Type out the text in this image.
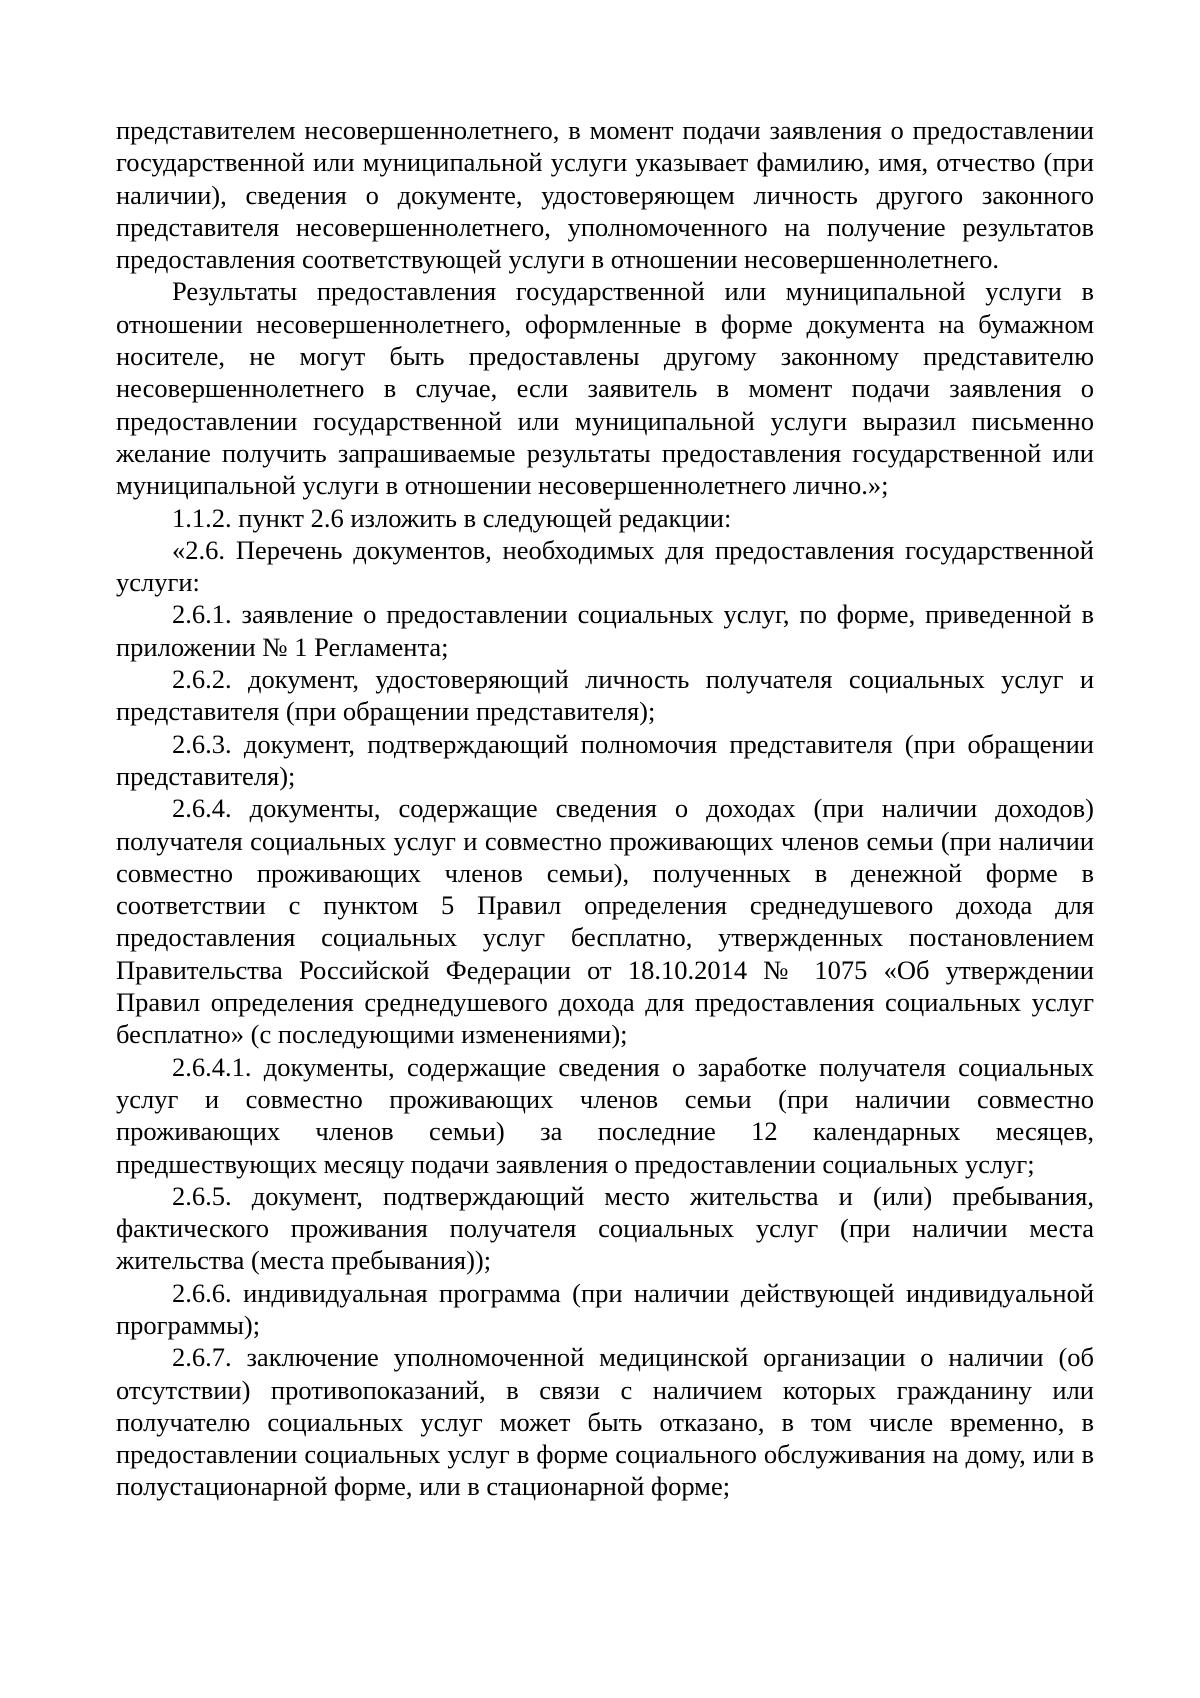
представителем несовершеннолетнего, в момент подачи заявления о предоставлении государственной или муниципальной услуги указывает фамилию, имя, отчество (при наличии), сведения о документе, удостоверяющем личность другого законного представителя несовершеннолетнего, уполномоченного на получение результатов предоставления соответствующей услуги в отношении несовершеннолетнего.

Результаты предоставления государственной или муниципальной услуги в отношении несовершеннолетнего, оформленные в форме документа на бумажном носителе, не могут быть предоставлены другому законному представителю несовершеннолетнего в случае, если заявитель в момент подачи заявления о предоставлении государственной или муниципальной услуги выразил письменно желание получить запрашиваемые результаты предоставления государственной или муниципальной услуги в отношении несовершеннолетнего лично.»;

1.1.2. пункт 2.6 изложить в следующей редакции:

«2.6. Перечень документов, необходимых для предоставления государственной услуги:

2.6.1. заявление о предоставлении социальных услуг, по форме, приведенной в приложении № 1 Регламента;

2.6.2. документ, удостоверяющий личность получателя социальных услуг и представителя (при обращении представителя);

2.6.3. документ, подтверждающий полномочия представителя (при обращении представителя);

2.6.4. документы, содержащие сведения о доходах (при наличии доходов) получателя социальных услуг и совместно проживающих членов семьи (при наличии совместно проживающих членов семьи), полученных в денежной форме в соответствии с пунктом 5 Правил определения среднедушевого дохода для предоставления социальных услуг бесплатно, утвержденных постановлением Правительства Российской Федерации от 18.10.2014 № 1075 «Об утверждении Правил определения среднедушевого дохода для предоставления социальных услуг бесплатно» (с последующими изменениями);

2.6.4.1. документы, содержащие сведения о заработке получателя социальных услуг и совместно проживающих членов семьи (при наличии совместно проживающих членов семьи) за последние 12 календарных месяцев, предшествующих месяцу подачи заявления о предоставлении социальных услуг;

2.6.5. документ, подтверждающий место жительства и (или) пребывания, фактического проживания получателя социальных услуг (при наличии места жительства (места пребывания));

2.6.6. индивидуальная программа (при наличии действующей индивидуальной программы);

2.6.7. заключение уполномоченной медицинской организации о наличии (об отсутствии) противопоказаний, в связи с наличием которых гражданину или получателю социальных услуг может быть отказано, в том числе временно, в предоставлении социальных услуг в форме социального обслуживания на дому, или в полустационарной форме, или в стационарной форме;
